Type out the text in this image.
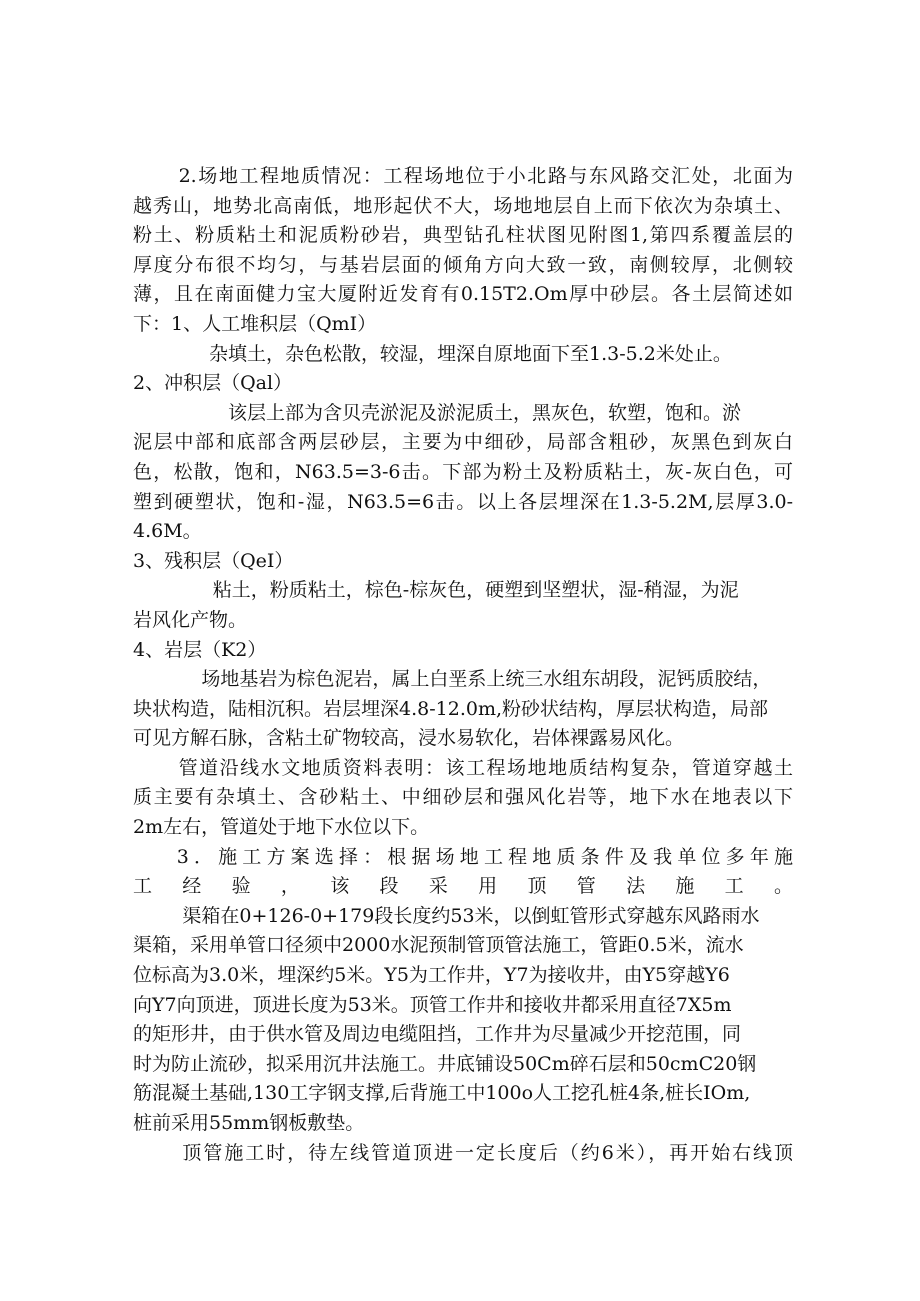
2.场地工程地质情况：工程场地位于小北路与东风路交汇处，北面为
越秀山，地势北高南低，地形起伏不大，场地地层自上而下依次为杂填土、
粉土、粉质粘土和泥质粉砂岩，典型钻孔柱状图见附图1,第四系覆盖层的
厚度分布很不均匀，与基岩层面的倾角方向大致一致，南侧较厚，北侧较
薄，且在南面健力宝大厦附近发育有0.15T2.Om厚中砂层。各土层简述如
下：1、人工堆积层（QmI）
杂填土，杂色松散，较湿，埋深自原地面下至1.3-5.2米处止。
2、冲积层（Qal）
该层上部为含贝壳淤泥及淤泥质土，黑灰色，软塑，饱和。淤
泥层中部和底部含两层砂层，主要为中细砂，局部含粗砂，灰黑色到灰白
色，松散，饱和，N63.5=3-6击。下部为粉土及粉质粘土，灰-灰白色，可
塑到硬塑状，饱和-湿，N63.5=6击。以上各层埋深在1.3-5.2M,层厚3.0-
4.6M。
3、残积层（QeI）
粘土，粉质粘土，棕色-棕灰色，硬塑到坚塑状，湿-稍湿，为泥
岩风化产物。
4、岩层（K2）
场地基岩为棕色泥岩，属上白垩系上统三水组东胡段，泥钙质胶结，
块状构造，陆相沉积。岩层埋深4.8-12.0m,粉砂状结构，厚层状构造，局部
可见方解石脉，含粘土矿物较高，浸水易软化，岩体裸露易风化。
管道沿线水文地质资料表明：该工程场地地质结构复杂，管道穿越土
质主要有杂填土、含砂粘土、中细砂层和强风化岩等，地下水在地表以下
2m左右，管道处于地下水位以下。
3．施工方案选择：根据场地工程地质条件及我单位多年施
工经验，该段采用顶管法施工。
渠箱在0+126-0+179段长度约53米，以倒虹管形式穿越东风路雨水
渠箱，采用单管口径须中2000水泥预制管顶管法施工，管距0.5米，流水
位标高为3.0米，埋深约5米。Y5为工作井，Y7为接收井，由Y5穿越Y6
向Y7向顶进，顶进长度为53米。顶管工作井和接收井都采用直径7X5m
的矩形井，由于供水管及周边电缆阻挡，工作井为尽量减少开挖范围，同
时为防止流砂，拟采用沉井法施工。井底铺设50Cm碎石层和50cmC20钢
筋混凝土基础,130工字钢支撑,后背施工中100o人工挖孔桩4条,桩长IOm,
桩前采用55mm钢板敷垫。
顶管施工时，待左线管道顶进一定长度后（约6米），再开始右线顶
